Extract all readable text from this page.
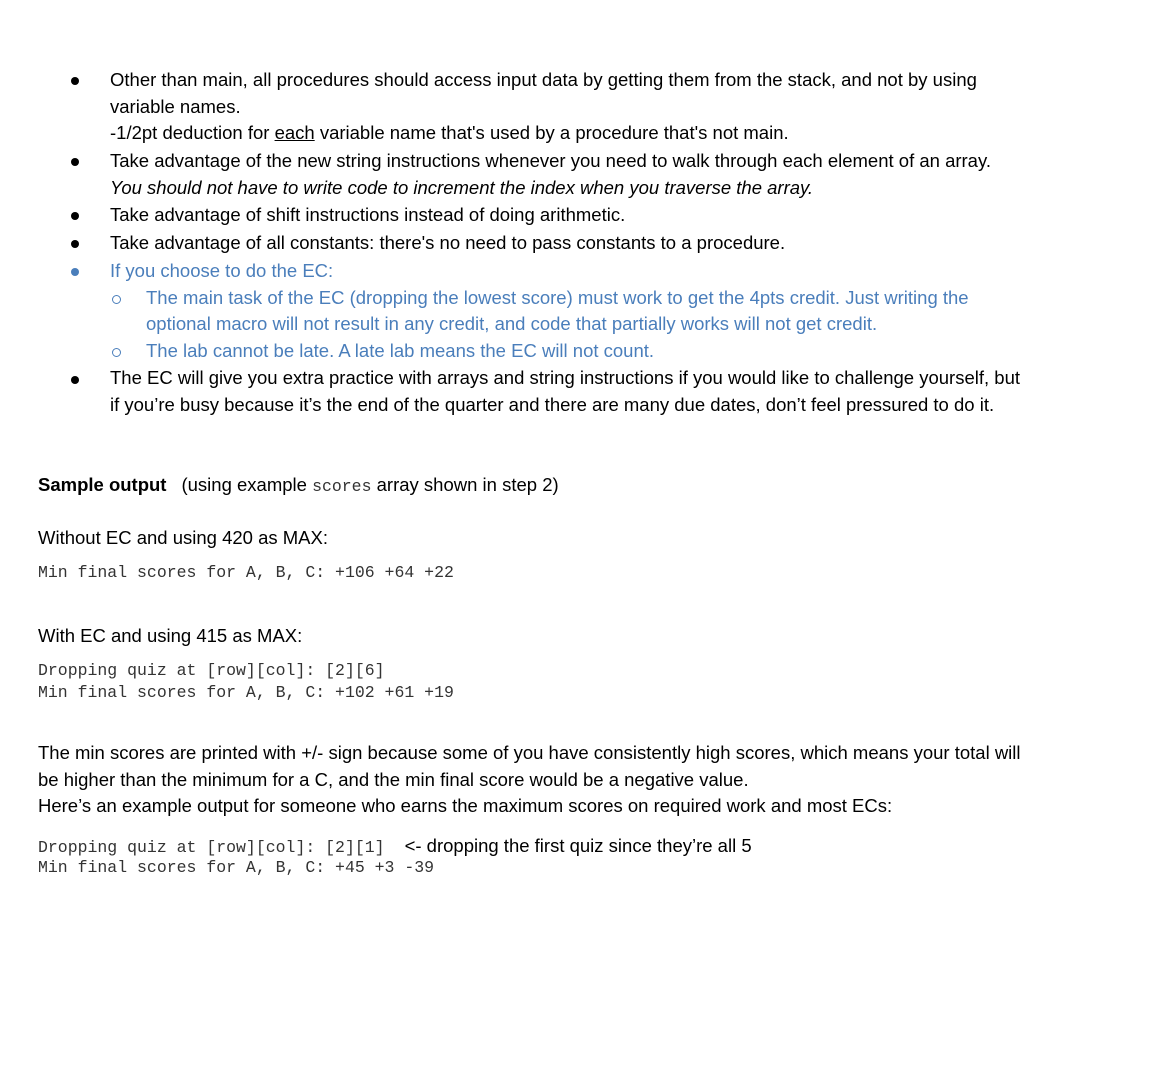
Other than main, all procedures should access input data by getting them from the stack, and not by using
variable names.
-1/2pt deduction for each variable name that's used by a procedure that's not main.
Take advantage of the new string instructions whenever you need to walk through each element of an array.
You should not have to write code to increment the index when you traverse the array.
Take advantage of shift instructions instead of doing arithmetic.
Take advantage of all constants: there's no need to pass constants to a procedure.
If you choose to do the EC:
The main task of the EC (dropping the lowest score) must work to get the 4pts credit. Just writing the
optional macro will not result in any credit, and code that partially works will not get credit.
The lab cannot be late. A late lab means the EC will not count.
The EC will give you extra practice with arrays and string instructions if you would like to challenge yourself, but
if you’re busy because it’s the end of the quarter and there are many due dates, don’t feel pressured to do it.
Sample output (using example scores array shown in step 2)
Without EC and using 420 as MAX:
Min final scores for A, B, C: +106 +64 +22
With EC and using 415 as MAX:
Dropping quiz at [row][col]: [2][6]
Min final scores for A, B, C: +102 +61 +19
The min scores are printed with +/- sign because some of you have consistently high scores, which means your total will
be higher than the minimum for a C, and the min final score would be a negative value.
Here’s an example output for someone who earns the maximum scores on required work and most ECs:
Dropping quiz at [row][col]: [2][1] <- dropping the first quiz since they’re all 5
Min final scores for A, B, C: +45 +3 -39
